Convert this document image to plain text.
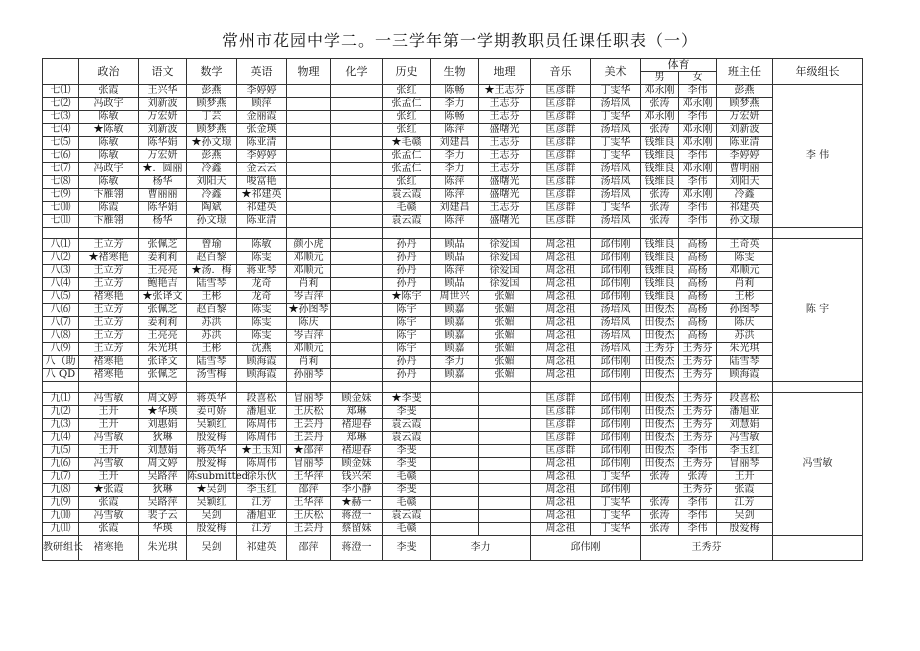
常州市花园中学二。一三学年第一学期教职员任课任职表（一）
	政治	语文	数学	英语	物理	化学	历史	生物	地理	音乐	美术	体育		班主任	年级组长
												男	女		
七⑴	张霞	王兴华	彭燕	李婷婷			张红	陈畅	★王志芬	匡彦群	丁雯华	邓永刚	李伟	彭燕	李 伟
七⑵	冯政宇	刘新波	顾梦燕	顾萍			张孟仁	李力	王志芬	匡彦群	汤培凤	张涛	邓永刚	顾梦燕	
七⑶	陈敏	万宏妍	丁芸	金丽霞			张红	陈畅	王志芬	匡彦群	丁雯华	邓永刚	李伟	万宏妍	
七⑷	★陈敏	刘新波	顾梦燕	张金瑛			张红	陈萍	盛曙光	匡彦群	汤培凤	张涛	邓永刚	刘新波	
七⑸	陈敏	陈华娟	★孙文璟	陈亚清			★毛赣	刘建昌	王志芬	匡彦群	丁雯华	钱维良	邓永刚	陈亚清	
七⑹	陈敏	万宏妍	彭燕	李婷婷			张孟仁	李力	王志芬	匡彦群	丁雯华	钱维良	李伟	李婷婷	
七⑺	冯政宇	★．圆丽	冷鑫	金云云			张孟仁	李力	王志芬	匡彦群	汤培凤	钱维良	邓永刚	曹明丽	
七⑻	陈敏	杨华	刘阳天	唆富艳			张红	陈萍	盛曙光	匡彦群	汤培凤	钱维良	李伟	刘阳天	
七⑼	卞雁翎	曹丽丽	冷鑫	★祁建英			袁云霞	陈萍	盛曙光	匡彦群	汤培凤	张涛	邓永刚	冷鑫	
七⑽	陈霞	陈华娟	陶斌	祁建英			毛赣	刘建昌	王志芬	匡彦群	丁雯华	张涛	李伟	祁建英	
七⑾	卞雁翎	杨华	孙文璟	陈亚清			袁云霞	陈萍	盛曙光	匡彦群	汤培凤	张涛	李伟	孙文璟	

八⑴	王立芳	张佩芝	曾瑜	陈敏	颜小虎		孙丹	顾晶	徐爱国	周念祖	邱伟刚	钱维良	高杨	王奇英	陈 宇
八⑵	★褚寒艳	姜莉莉	赵百黎	陈雯	邓顺元		孙丹	顾晶	徐爱国	周念祖	邱伟刚	钱维良	高杨	陈雯	
八⑶	王立芳	王亮亮	★汤．梅	蒋亚琴	邓顺元		孙丹	陈萍	徐爱国	周念祖	邱伟刚	钱维良	高杨	邓顺元	
八⑷	王立芳	鲍艳吉	陆雪琴	龙奇	肖莉		孙丹	顾晶	徐爱国	周念祖	邱伟刚	钱维良	高杨	肖莉	
八⑸	褚寒艳	★张译文	王彬	龙奇	岑吉萍		★陈宇	周世兴	张媚	周念祖	邱伟刚	钱维良	高杨	王彬	
八⑹	王立芳	张佩芝	赵百黎	陈雯	★孙图琴		陈宇	顾嘉	张媚	周念祖	汤培凤	田俊杰	高杨	孙图琴	
八⑺	王立芳	姜莉莉	苏洪	陈雯	陈庆		陈宇	顾嘉	张媚	周念祖	汤培凤	田俊杰	高杨	陈庆	
八⑻	王立芳	王亮亮	苏洪	陈雯	岑吉萍		陈宇	顾嘉	张媚	周念祖	汤培凤	田俊杰	高杨	苏洪	
八⑼	王立芳	朱光琪	王彬	沈燕	邓顺元		陈宇	顾嘉	张媚	周念祖	汤培凤	王秀芬	王秀芬	朱光琪	
八（助	褚寒艳	张译文	陆雪琴	顾海霞	肖莉		孙丹	李力	张媚	周念祖	邱伟刚	田俊杰	王秀芬	陆雪琴	
八 QD	褚寒艳	张佩芝	汤雪梅	顾海霞	孙丽琴		孙丹	顾嘉	张媚	周念祖	邱伟刚	田俊杰	王秀芬	顾海霞	

九⑴	冯雪敏	周文婷	蒋英华	段喜松	冒丽琴	顾金妹	★李斐			匡彦群	邱伟刚	田俊杰	王秀芬	段喜松	冯雪敏
九⑵	王开	★华瑛	姜可娇	潘旭亚	王庆松	郑琳	李斐			匡彦群	邱伟刚	田俊杰	王秀芬	潘旭亚	
九⑶	王开	刘惠娟	吴颖红	陈周伟	王芸丹	褚迎春	袁云霞			匡彦群	邱伟刚	田俊杰	王秀芬	刘慧娟	
九⑷	冯雪敏	狄琳	殷爱梅	陈周伟	王芸丹	郑琳	袁云霞			匡彦群	邱伟刚	田俊杰	王秀芬	冯雪敏	
九⑸	王开	刘慧娟	蒋英华	★王玉知	★邵萍	褚迎春	李斐			匡彦群	邱伟刚	田俊杰	李伟	李玉红	
九⑹	冯雪敏	周文婷	殷爱梅	陈周伟	冒丽琴	顾金妹	李斐			周念祖	邱伟刚	田俊杰	王秀芬	冒丽琴	
九⑺	王开	吴路萍	陈submitted	徐乐伙	王华萍	钱兴荣	毛赣			周念祖	丁雯华	张涛	张涛	王开	
九⑻	★张霞	狄琳	★吴剑	李玉红	邵萍	李小静	李斐			周念祖	邱伟刚		王秀芬	张霞	
九⑼	张霞	吴路萍	吴颖红	江芳	王华萍	★赫一	毛赣			周念祖	丁雯华	张涛	李伟	江芳	
九⑽	冯雪敏	裴子云	吴剑	潘旭亚	王庆松	蒋澄一	袁云霞			周念祖	丁雯华	张涛	李伟	吴剑	
九⑾	张霞	华瑛	殷爱梅	江芳	王芸丹	蔡留妹	毛赣			周念祖	丁雯华	张涛	李伟	殷爱梅	
教研组长	褚寒艳	朱光琪	吴剑	祁建英	邵萍	蒋澄一	李斐	李力		邱伟刚		王秀芬			
